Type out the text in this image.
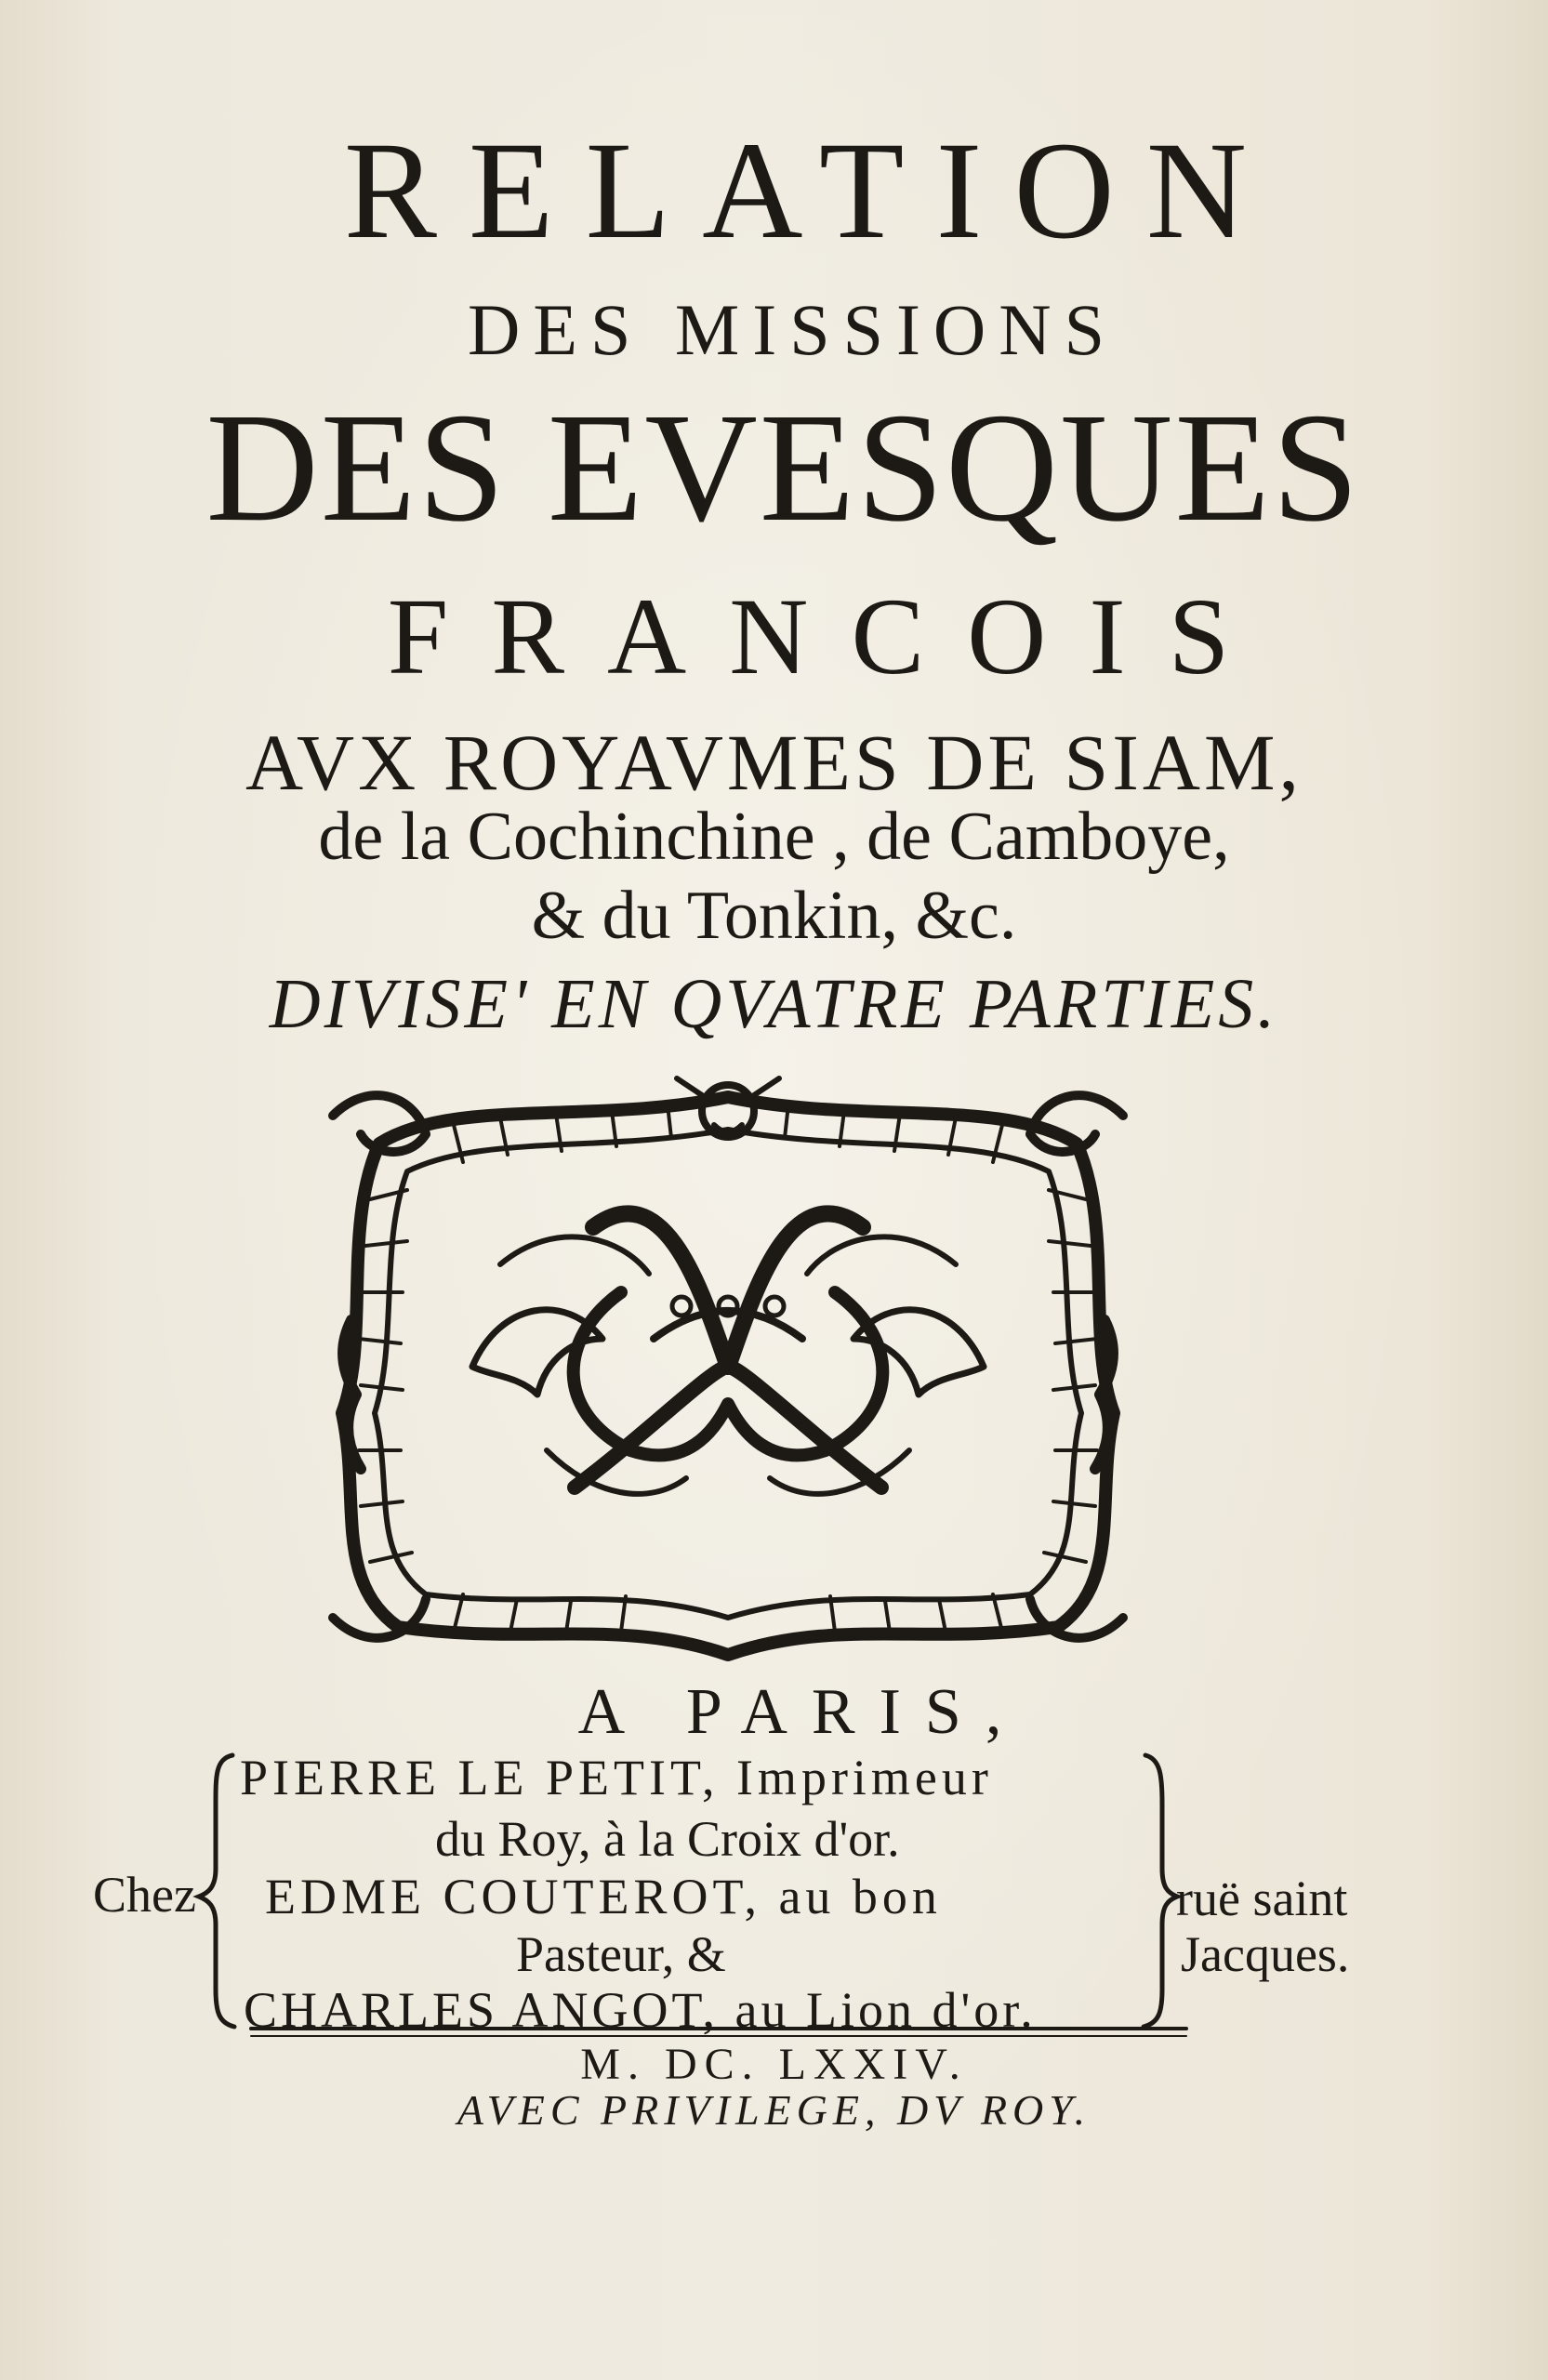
RELATION
DES MISSIONS
DES EVESQUES
FRANCOIS
AVX ROYAVMES DE SIAM,
de la Cochinchine , de Camboye,
& du Tonkin, &c.
DIVISE' EN QVATRE PARTIES.
A PARIS,
Chez
PIERRE LE PETIT, Imprimeur
du Roy, à la Croix d'or.
EDME COUTEROT, au bon
Pasteur, &
CHARLES ANGOT, au Lion d'or.
ruë saint
Jacques.
M. DC. LXXIV.
AVEC PRIVILEGE, DV ROY.
